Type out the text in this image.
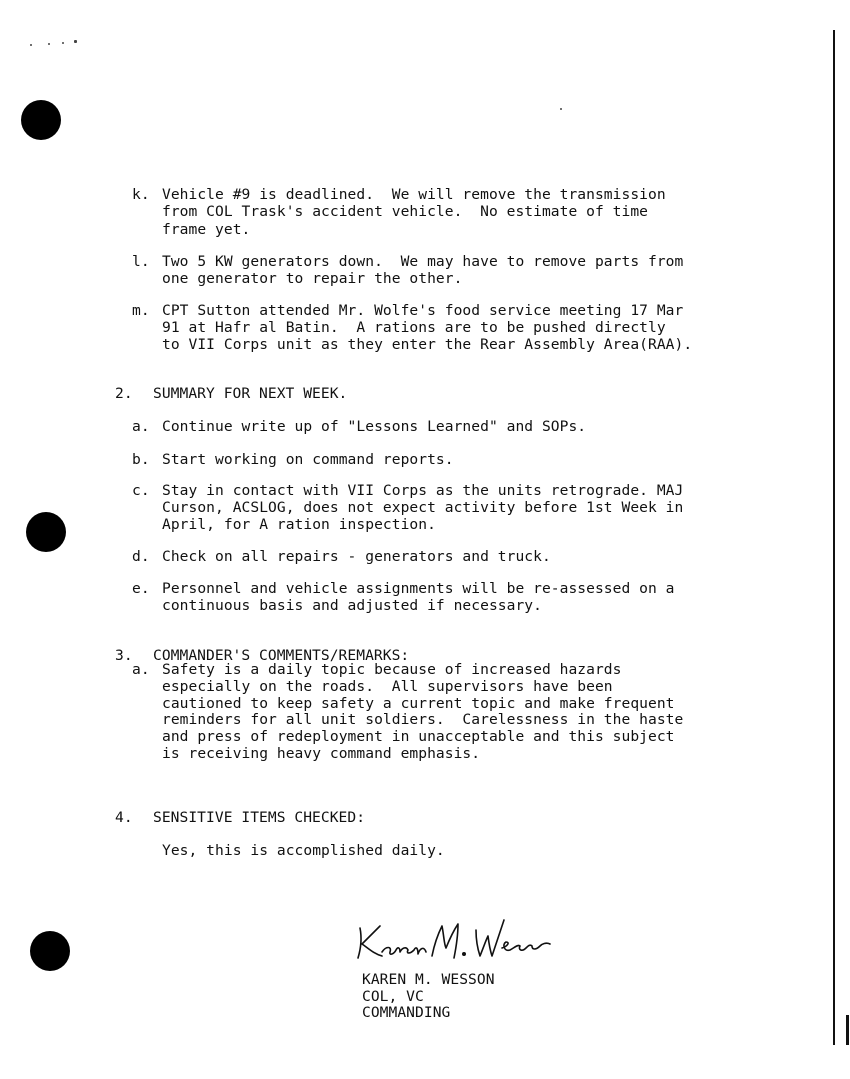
k. Vehicle #9 is deadlined.  We will remove the transmission
from COL Trask's accident vehicle.  No estimate of time
frame yet.
l. Two 5 KW generators down.  We may have to remove parts from
one generator to repair the other.
m. CPT Sutton attended Mr. Wolfe's food service meeting 17 Mar
91 at Hafr al Batin.  A rations are to be pushed directly
to VII Corps unit as they enter the Rear Assembly Area(RAA).
2. SUMMARY FOR NEXT WEEK.
a. Continue write up of "Lessons Learned" and SOPs.
b. Start working on command reports.
c. Stay in contact with VII Corps as the units retrograde. MAJ
Curson, ACSLOG, does not expect activity before 1st Week in
April, for A ration inspection.
d. Check on all repairs - generators and truck.
e. Personnel and vehicle assignments will be re-assessed on a
continuous basis and adjusted if necessary.
3. COMMANDER'S COMMENTS/REMARKS:
a. Safety is a daily topic because of increased hazards
especially on the roads.  All supervisors have been
cautioned to keep safety a current topic and make frequent
reminders for all unit soldiers.  Carelessness in the haste
and press of redeployment in unacceptable and this subject
is receiving heavy command emphasis.
4. SENSITIVE ITEMS CHECKED:
Yes, this is accomplished daily.
KAREN M. WESSON
COL, VC
COMMANDING
